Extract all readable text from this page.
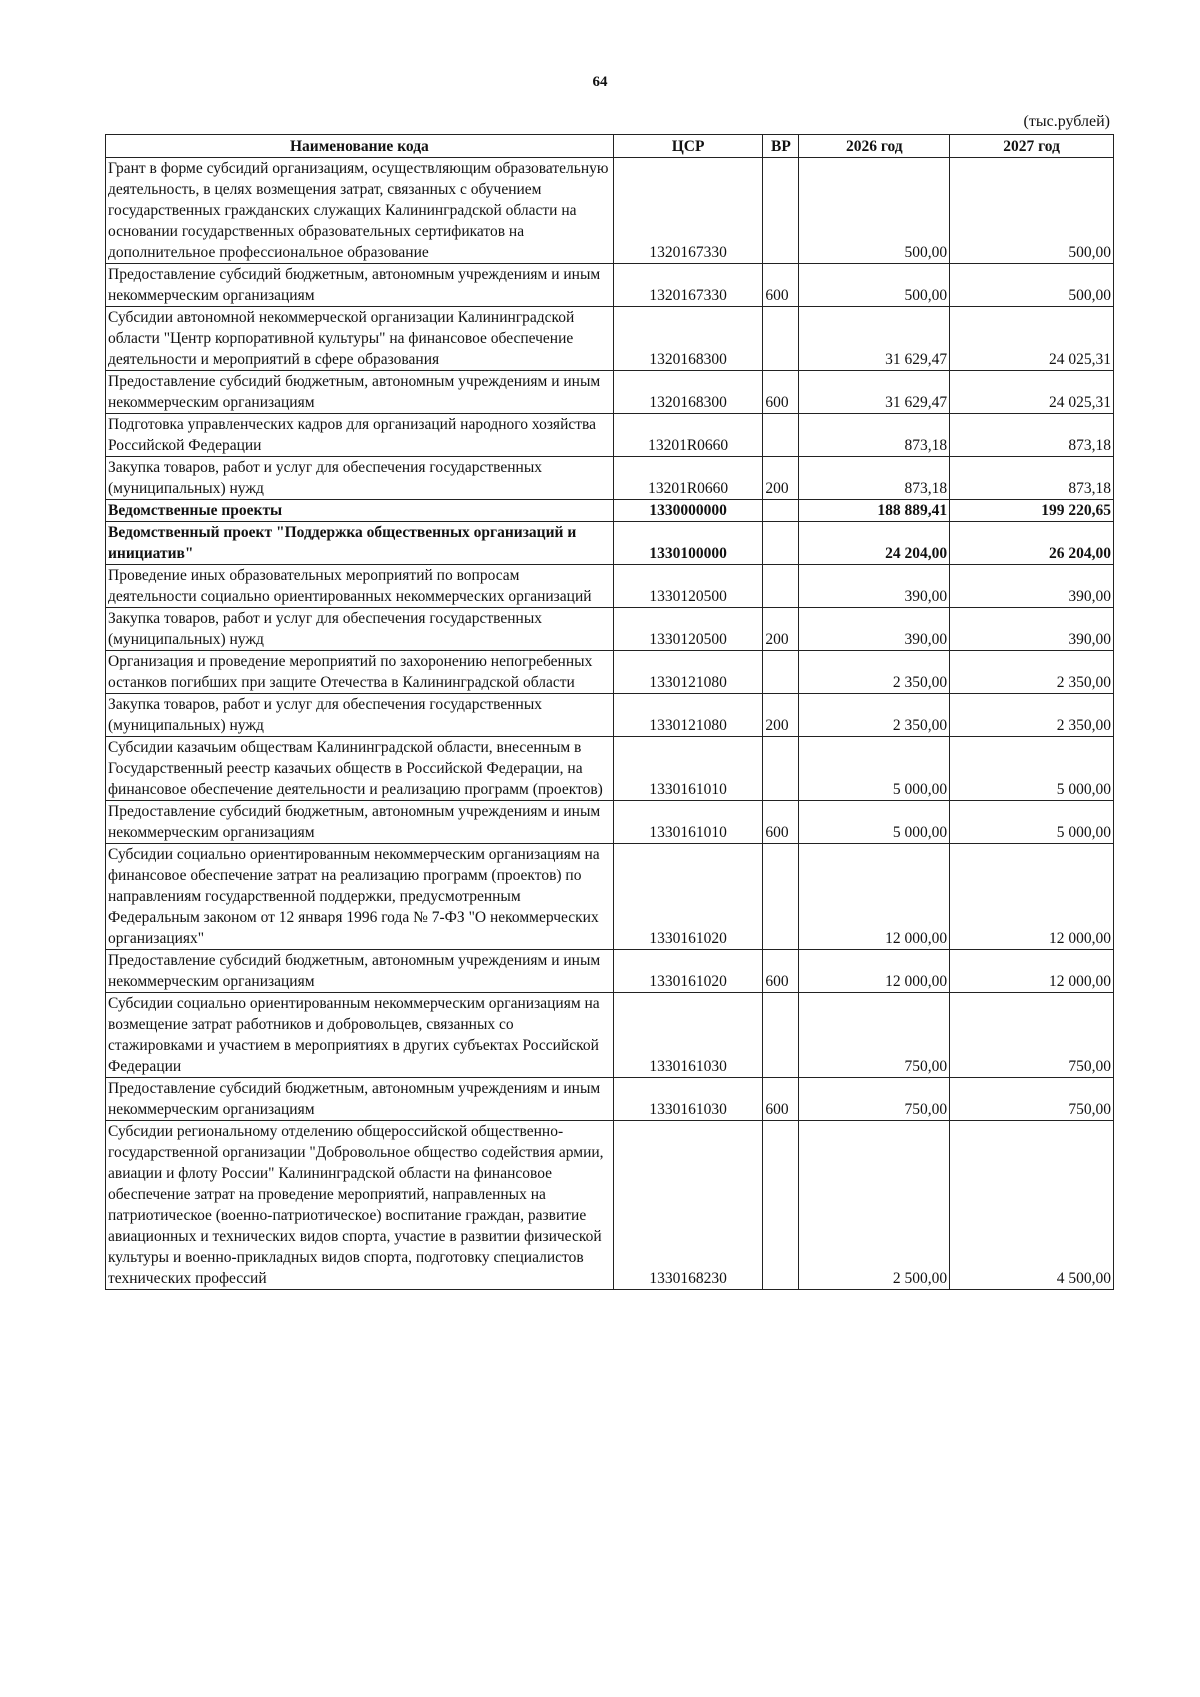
64
(тыс.рублей)
Наименование кода	ЦСР	ВР	2026 год	2027 год
Грант в форме субсидий организациям, осуществляющим образовательную деятельность, в целях возмещения затрат, связанных с обучением государственных гражданских служащих Калининградской области на основании государственных образовательных сертификатов на дополнительное профессиональное образование	1320167330		500,00	500,00
Предоставление субсидий бюджетным, автономным учреждениям и иным некоммерческим организациям	1320167330	600	500,00	500,00
Субсидии автономной некоммерческой организации Калининградской области "Центр корпоративной культуры" на финансовое обеспечение деятельности и мероприятий в сфере образования	1320168300		31 629,47	24 025,31
Предоставление субсидий бюджетным, автономным учреждениям и иным некоммерческим организациям	1320168300	600	31 629,47	24 025,31
Подготовка управленческих кадров для организаций народного хозяйства Российской Федерации	13201R0660		873,18	873,18
Закупка товаров, работ и услуг для обеспечения государственных (муниципальных) нужд	13201R0660	200	873,18	873,18
Ведомственные проекты	1330000000		188 889,41	199 220,65
Ведомственный проект "Поддержка общественных организаций и инициатив"	1330100000		24 204,00	26 204,00
Проведение иных образовательных мероприятий по вопросам деятельности социально ориентированных некоммерческих организаций	1330120500		390,00	390,00
Закупка товаров, работ и услуг для обеспечения государственных (муниципальных) нужд	1330120500	200	390,00	390,00
Организация и проведение мероприятий по захоронению непогребенных останков погибших при защите Отечества в Калининградской области	1330121080		2 350,00	2 350,00
Закупка товаров, работ и услуг для обеспечения государственных (муниципальных) нужд	1330121080	200	2 350,00	2 350,00
Субсидии казачьим обществам Калининградской области, внесенным в Государственный реестр казачьих обществ в Российской Федерации, на финансовое обеспечение деятельности и реализацию программ (проектов)	1330161010		5 000,00	5 000,00
Предоставление субсидий бюджетным, автономным учреждениям и иным некоммерческим организациям	1330161010	600	5 000,00	5 000,00
Субсидии социально ориентированным некоммерческим организациям на финансовое обеспечение затрат на реализацию программ (проектов) по направлениям государственной поддержки, предусмотренным Федеральным законом от 12 января 1996 года № 7-ФЗ "О некоммерческих организациях"	1330161020		12 000,00	12 000,00
Предоставление субсидий бюджетным, автономным учреждениям и иным некоммерческим организациям	1330161020	600	12 000,00	12 000,00
Субсидии социально ориентированным некоммерческим организациям на возмещение затрат работников и добровольцев, связанных со стажировками и участием в мероприятиях в других субъектах Российской Федерации	1330161030		750,00	750,00
Предоставление субсидий бюджетным, автономным учреждениям и иным некоммерческим организациям	1330161030	600	750,00	750,00
Субсидии региональному отделению общероссийской общественно-государственной организации "Добровольное общество содействия армии, авиации и флоту России" Калининградской области на финансовое обеспечение затрат на проведение мероприятий, направленных на патриотическое (военно-патриотическое) воспитание граждан, развитие авиационных и технических видов спорта, участие в развитии физической культуры и военно-прикладных видов спорта, подготовку специалистов технических профессий	1330168230		2 500,00	4 500,00
